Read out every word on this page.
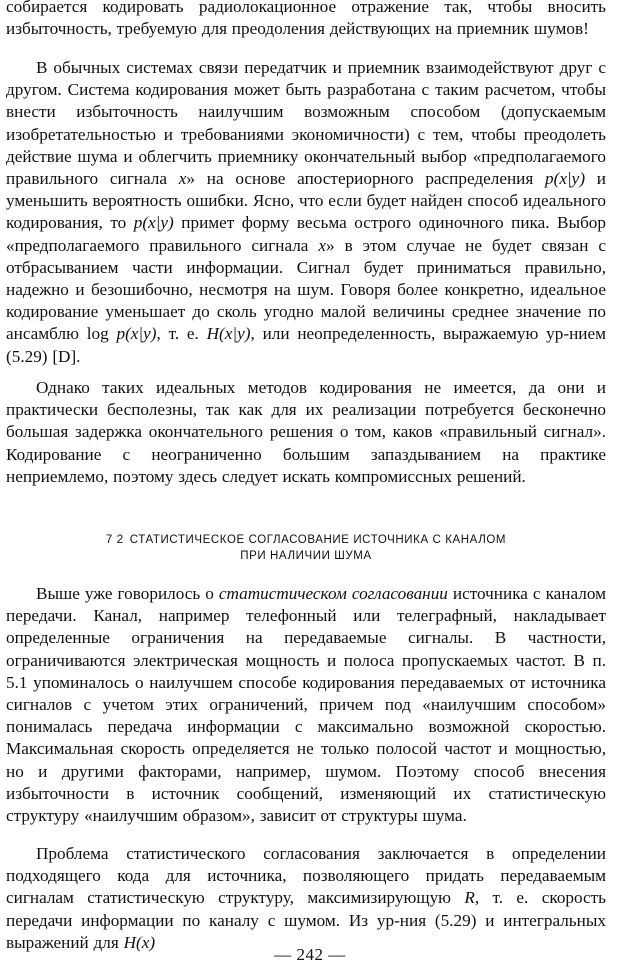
собирается кодировать радиолокационное отражение так, чтобы вносить избыточность, требуемую для преодоления действующих на приемник шумов!

В обычных системах связи передатчик и приемник взаимодействуют друг с другом. Система кодирования может быть разработана с таким расчетом, чтобы внести избыточность наилучшим возможным способом (допускаемым изобретательностью и требованиями экономичности) с тем, чтобы преодолеть действие шума и облегчить приемнику окончательный выбор «предполагаемого правильного сигнала x» на основе апостериорного распределения p(x|y) и уменьшить вероятность ошибки. Ясно, что если будет найден способ идеального кодирования, то p(x|y) примет форму весьма острого одиночного пика. Выбор «предполагаемого правильного сигнала x» в этом случае не будет связан с отбрасыванием части информации. Сигнал будет приниматься правильно, надежно и безошибочно, несмотря на шум. Говоря более конкретно, идеальное кодирование уменьшает до сколь угодно малой величины среднее значение по ансамблю log p(x|y), т. е. H(x|y), или неопределенность, выражаемую ур-нием (5.29) [D].

Однако таких идеальных методов кодирования не имеется, да они и практически бесполезны, так как для их реализации потребуется бесконечно большая задержка окончательного решения о том, каков «правильный сигнал». Кодирование с неограниченно большим запаздыванием на практике неприемлемо, поэтому здесь следует искать компромиссных решений.

7 2 СТАТИСТИЧЕСКОЕ СОГЛАСОВАНИЕ ИСТОЧНИКА С КАНАЛОМ
ПРИ НАЛИЧИИ ШУМА

Выше уже говорилось о статистическом согласовании источника с каналом передачи. Канал, например телефонный или телеграфный, накладывает определенные ограничения на передаваемые сигналы. В частности, ограничиваются электрическая мощность и полоса пропускаемых частот. В п. 5.1 упоминалось о наилучшем способе кодирования передаваемых от источника сигналов с учетом этих ограничений, причем под «наилучшим способом» понималась передача информации с максимально возможной скоростью. Максимальная скорость определяется не только полосой частот и мощностью, но и другими факторами, например, шумом. Поэтому способ внесения избыточности в источник сообщений, изменяющий их статистическую структуру «наилучшим образом», зависит от структуры шума.

Проблема статистического согласования заключается в определении подходящего кода для источника, позволяющего придать передаваемым сигналам статистическую структуру, максимизирующую R, т. е. скорость передачи информации по каналу с шумом. Из ур-ния (5.29) и интегральных выражений для H(x)

— 242 —
